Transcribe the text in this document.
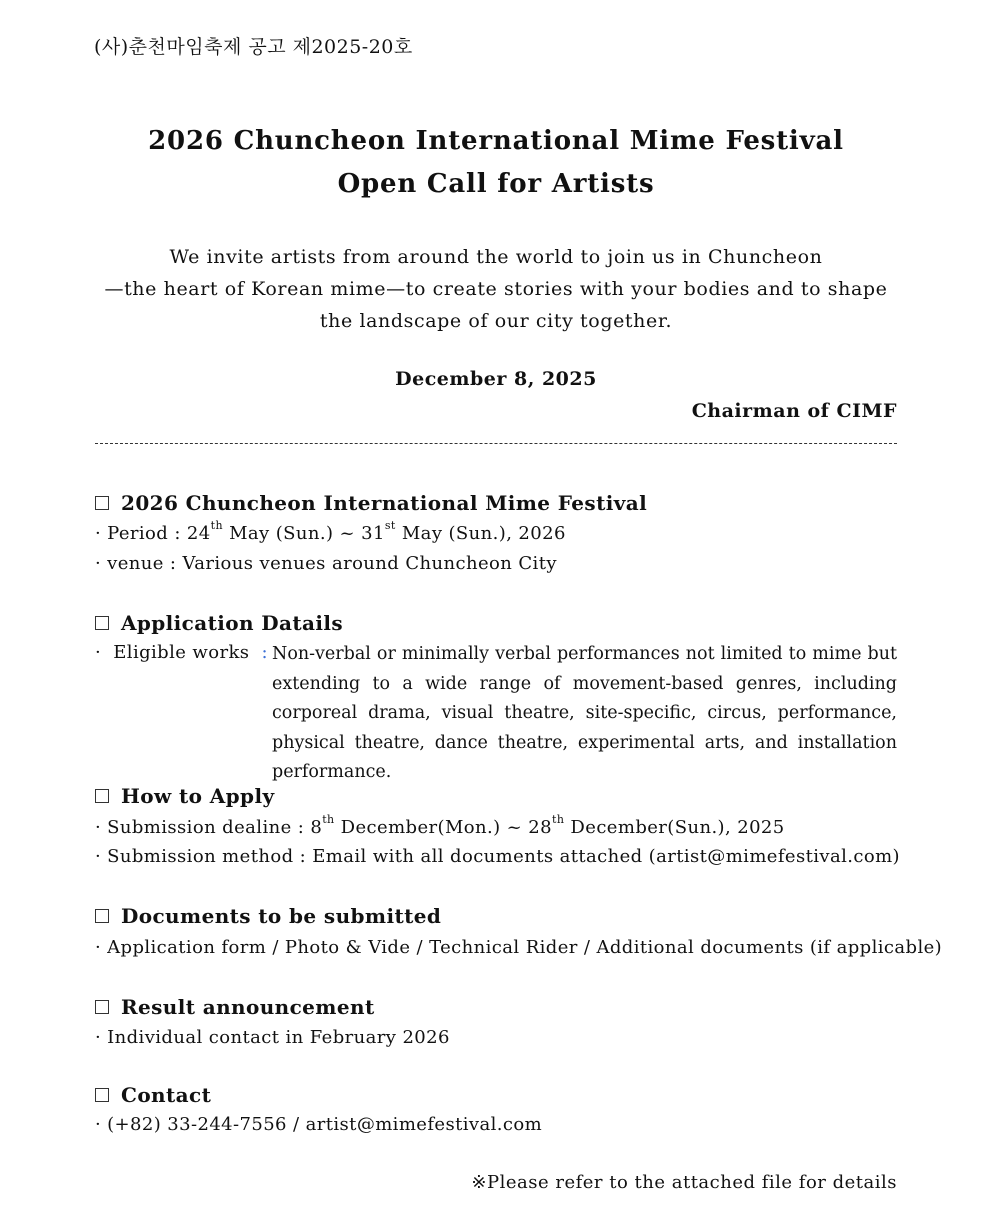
(사)춘천마임축제 공고 제2025-20호
2026 Chuncheon International Mime Festival
Open Call for Artists
We invite artists from around the world to join us in Chuncheon
—the heart of Korean mime—to create stories with your bodies and to shape
the landscape of our city together.
December 8, 2025
Chairman of CIMF
2026 Chuncheon International Mime Festival
· Period : 24th May (Sun.) ~ 31st May (Sun.), 2026
· venue : Various venues around Chuncheon City
Application Datails
· Eligible works : Non-verbal or minimally verbal performances not limited to mime but extending to a wide range of movement-based genres, including corporeal drama, visual theatre, site-specific, circus, performance, physical theatre, dance theatre, experimental arts, and installation performance.
How to Apply
· Submission dealine : 8th December(Mon.) ~ 28th December(Sun.), 2025
· Submission method : Email with all documents attached (artist@mimefestival.com)
Documents to be submitted
· Application form / Photo & Vide / Technical Rider / Additional documents (if applicable)
Result announcement
· Individual contact in February 2026
Contact
· (+82) 33-244-7556 / artist@mimefestival.com
※Please refer to the attached file for details
